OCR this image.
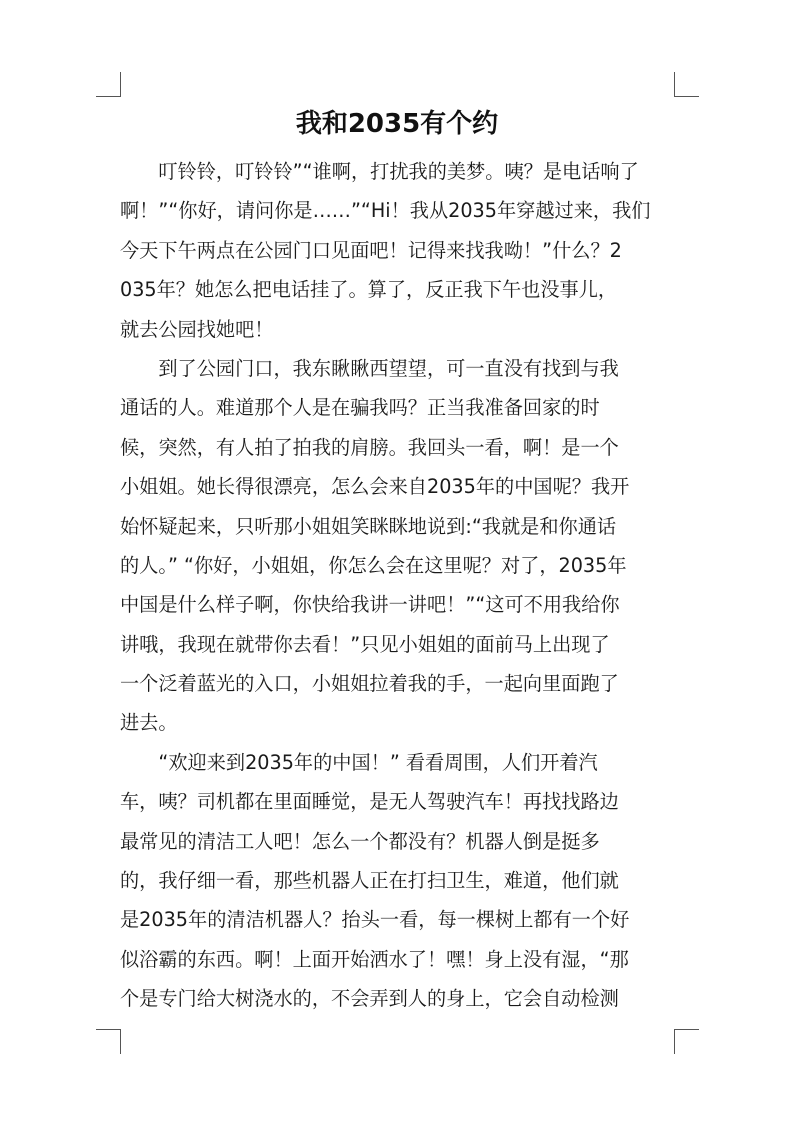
我和2035有个约
　　叮铃铃，叮铃铃”“谁啊，打扰我的美梦。咦？是电话响了
啊！”“你好，请问你是……”“Hi！我从2035年穿越过来，我们
今天下午两点在公园门口见面吧！记得来找我呦！”什么？2
035年？她怎么把电话挂了。算了，反正我下午也没事儿，
就去公园找她吧！
　　到了公园门口，我东瞅瞅西望望，可一直没有找到与我
通话的人。难道那个人是在骗我吗？正当我准备回家的时
候，突然，有人拍了拍我的肩膀。我回头一看，啊！是一个
小姐姐。她长得很漂亮，怎么会来自2035年的中国呢？我开
始怀疑起来，只听那小姐姐笑眯眯地说到:“我就是和你通话
的人。” “你好，小姐姐，你怎么会在这里呢？对了，2035年
中国是什么样子啊，你快给我讲一讲吧！”“这可不用我给你
讲哦，我现在就带你去看！”只见小姐姐的面前马上出现了
一个泛着蓝光的入口，小姐姐拉着我的手，一起向里面跑了
进去。
　　“欢迎来到2035年的中国！” 看看周围，人们开着汽
车，咦？司机都在里面睡觉，是无人驾驶汽车！再找找路边
最常见的清洁工人吧！怎么一个都没有？机器人倒是挺多
的，我仔细一看，那些机器人正在打扫卫生，难道，他们就
是2035年的清洁机器人？抬头一看，每一棵树上都有一个好
似浴霸的东西。啊！上面开始洒水了！嘿！身上没有湿，“那
个是专门给大树浇水的，不会弄到人的身上，它会自动检测
